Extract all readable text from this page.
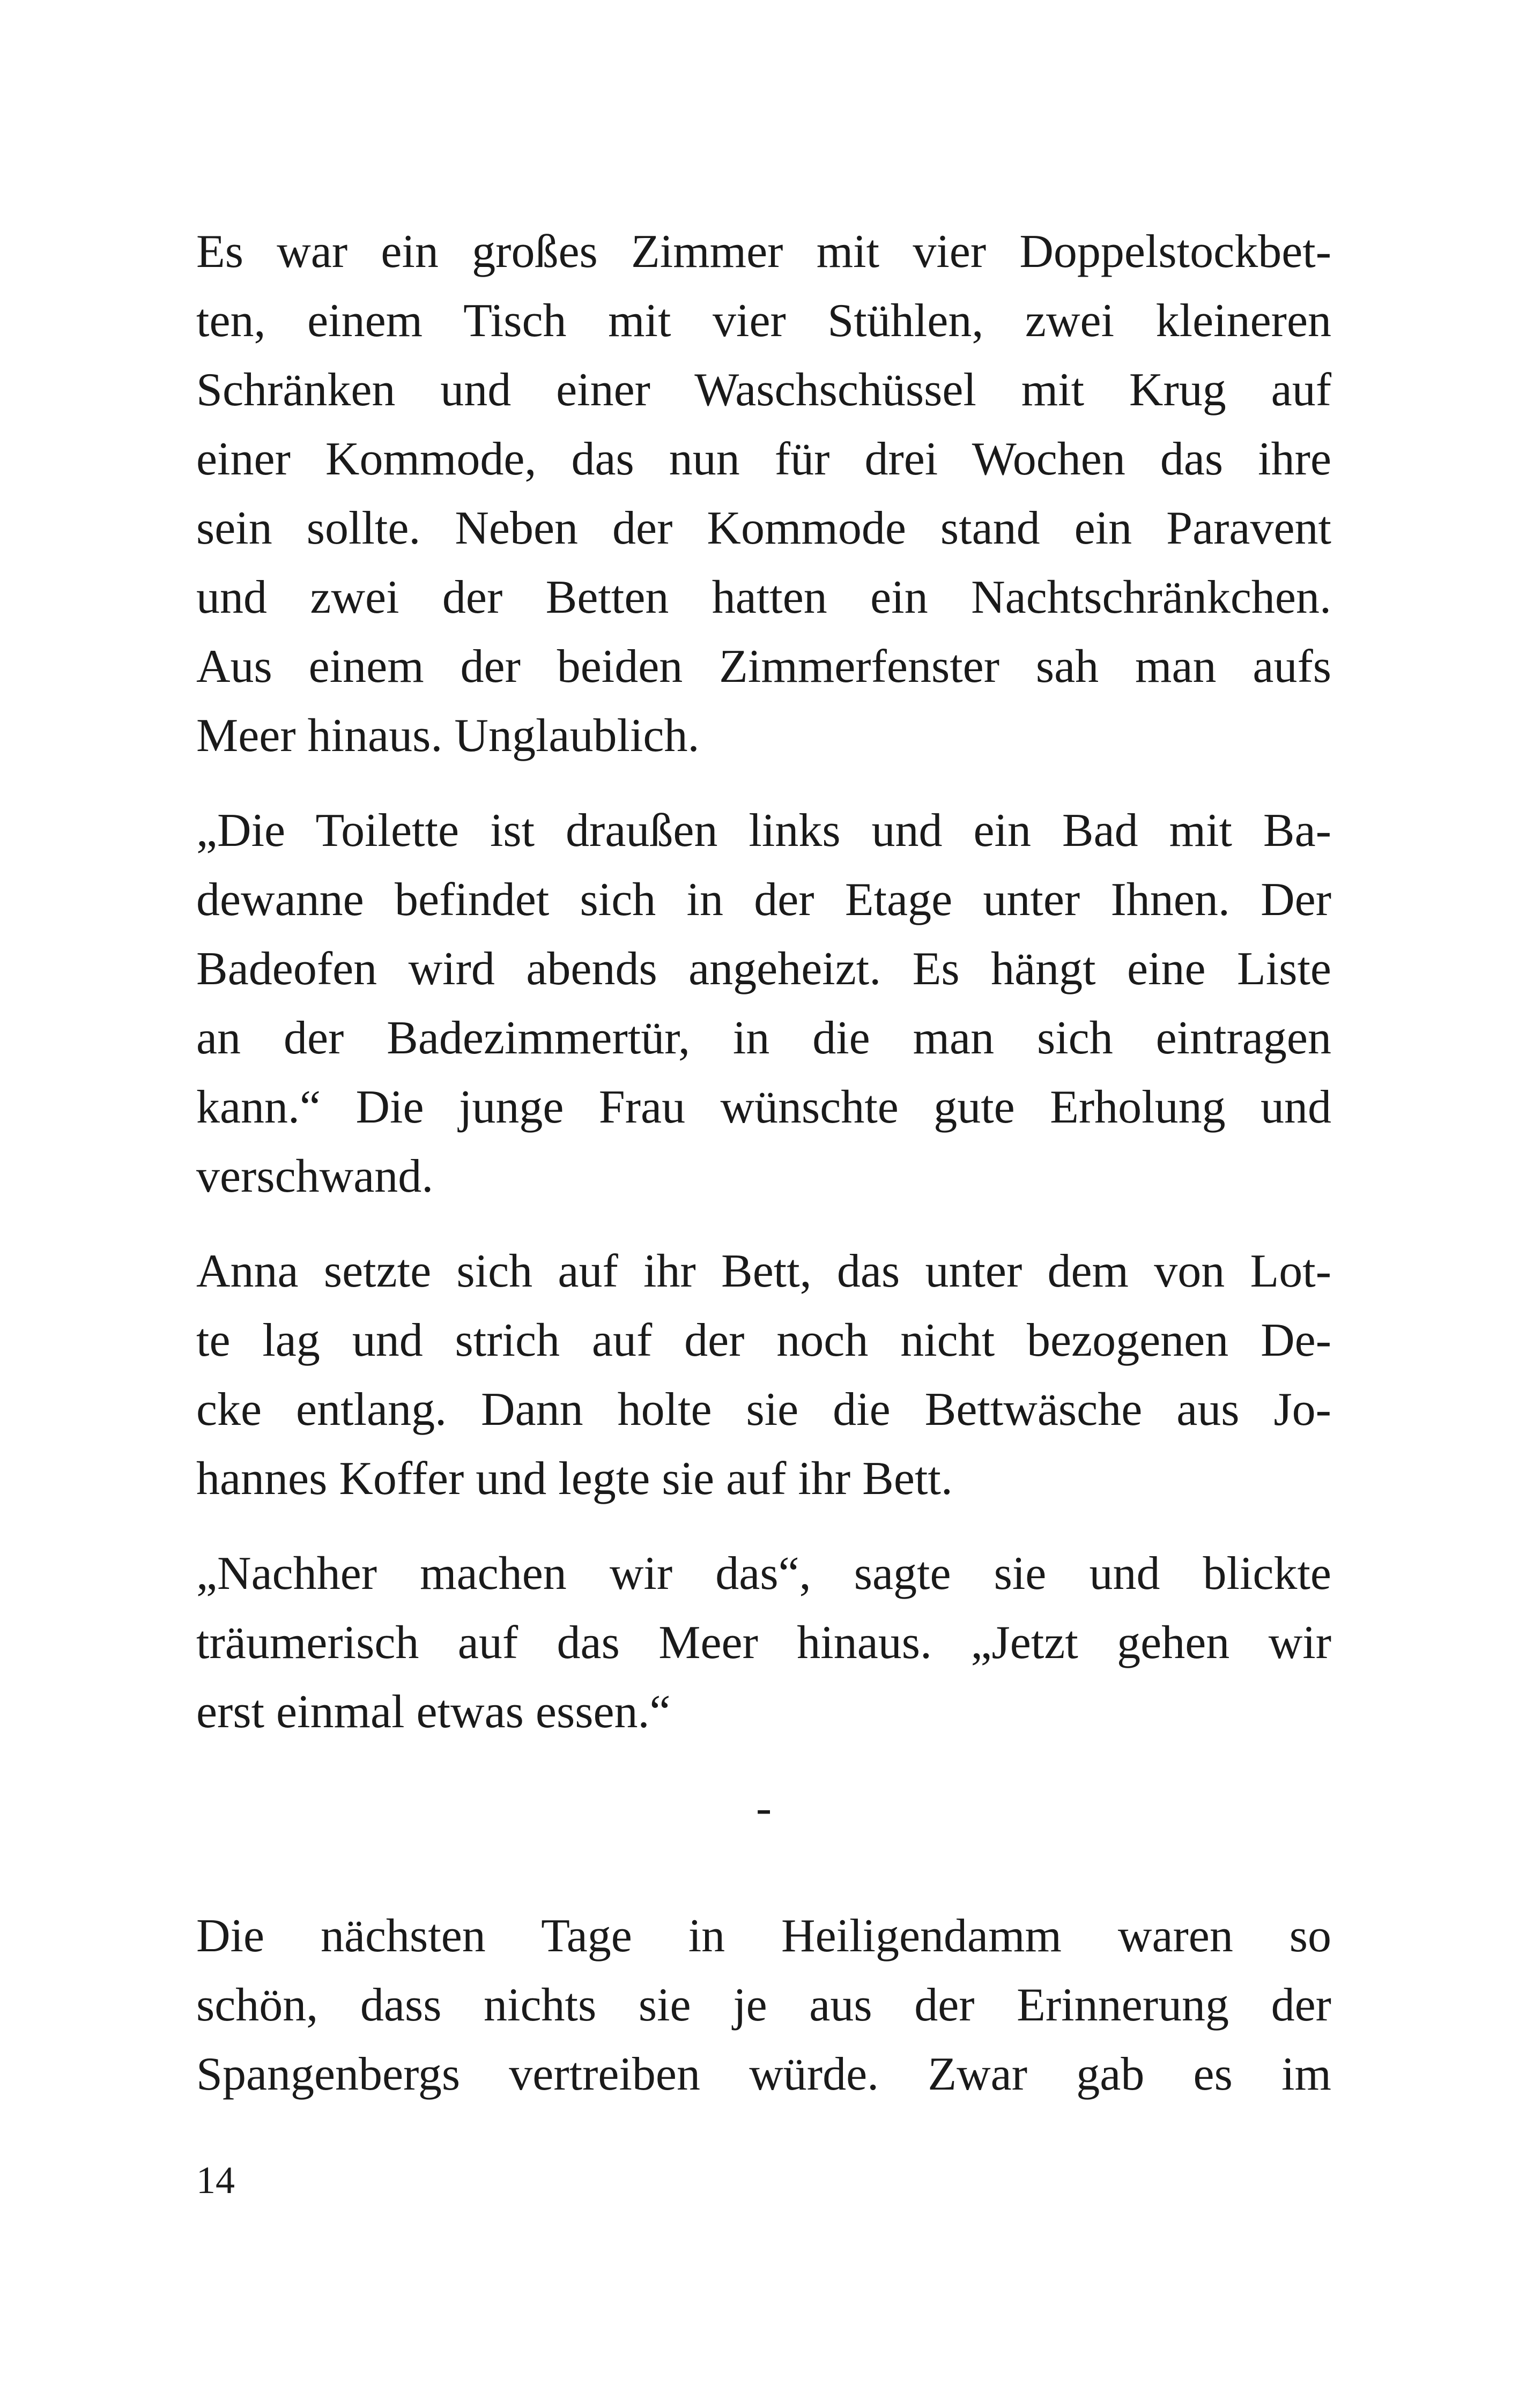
Es war ein großes Zimmer mit vier Doppelstockbet-
ten, einem Tisch mit vier Stühlen, zwei kleineren
Schränken und einer Waschschüssel mit Krug auf
einer Kommode, das nun für drei Wochen das ihre
sein sollte. Neben der Kommode stand ein Paravent
und zwei der Betten hatten ein Nachtschränkchen.
Aus einem der beiden Zimmerfenster sah man aufs
Meer hinaus. Unglaublich.

„Die Toilette ist draußen links und ein Bad mit Ba-
dewanne befindet sich in der Etage unter Ihnen. Der
Badeofen wird abends angeheizt. Es hängt eine Liste
an der Badezimmertür, in die man sich eintragen
kann.“ Die junge Frau wünschte gute Erholung und
verschwand.

Anna setzte sich auf ihr Bett, das unter dem von Lot-
te lag und strich auf der noch nicht bezogenen De-
cke entlang. Dann holte sie die Bettwäsche aus Jo-
hannes Koffer und legte sie auf ihr Bett.

„Nachher machen wir das“, sagte sie und blickte
träumerisch auf das Meer hinaus. „Jetzt gehen wir
erst einmal etwas essen.“

-

Die nächsten Tage in Heiligendamm waren so
schön, dass nichts sie je aus der Erinnerung der
Spangenbergs vertreiben würde. Zwar gab es im

14
